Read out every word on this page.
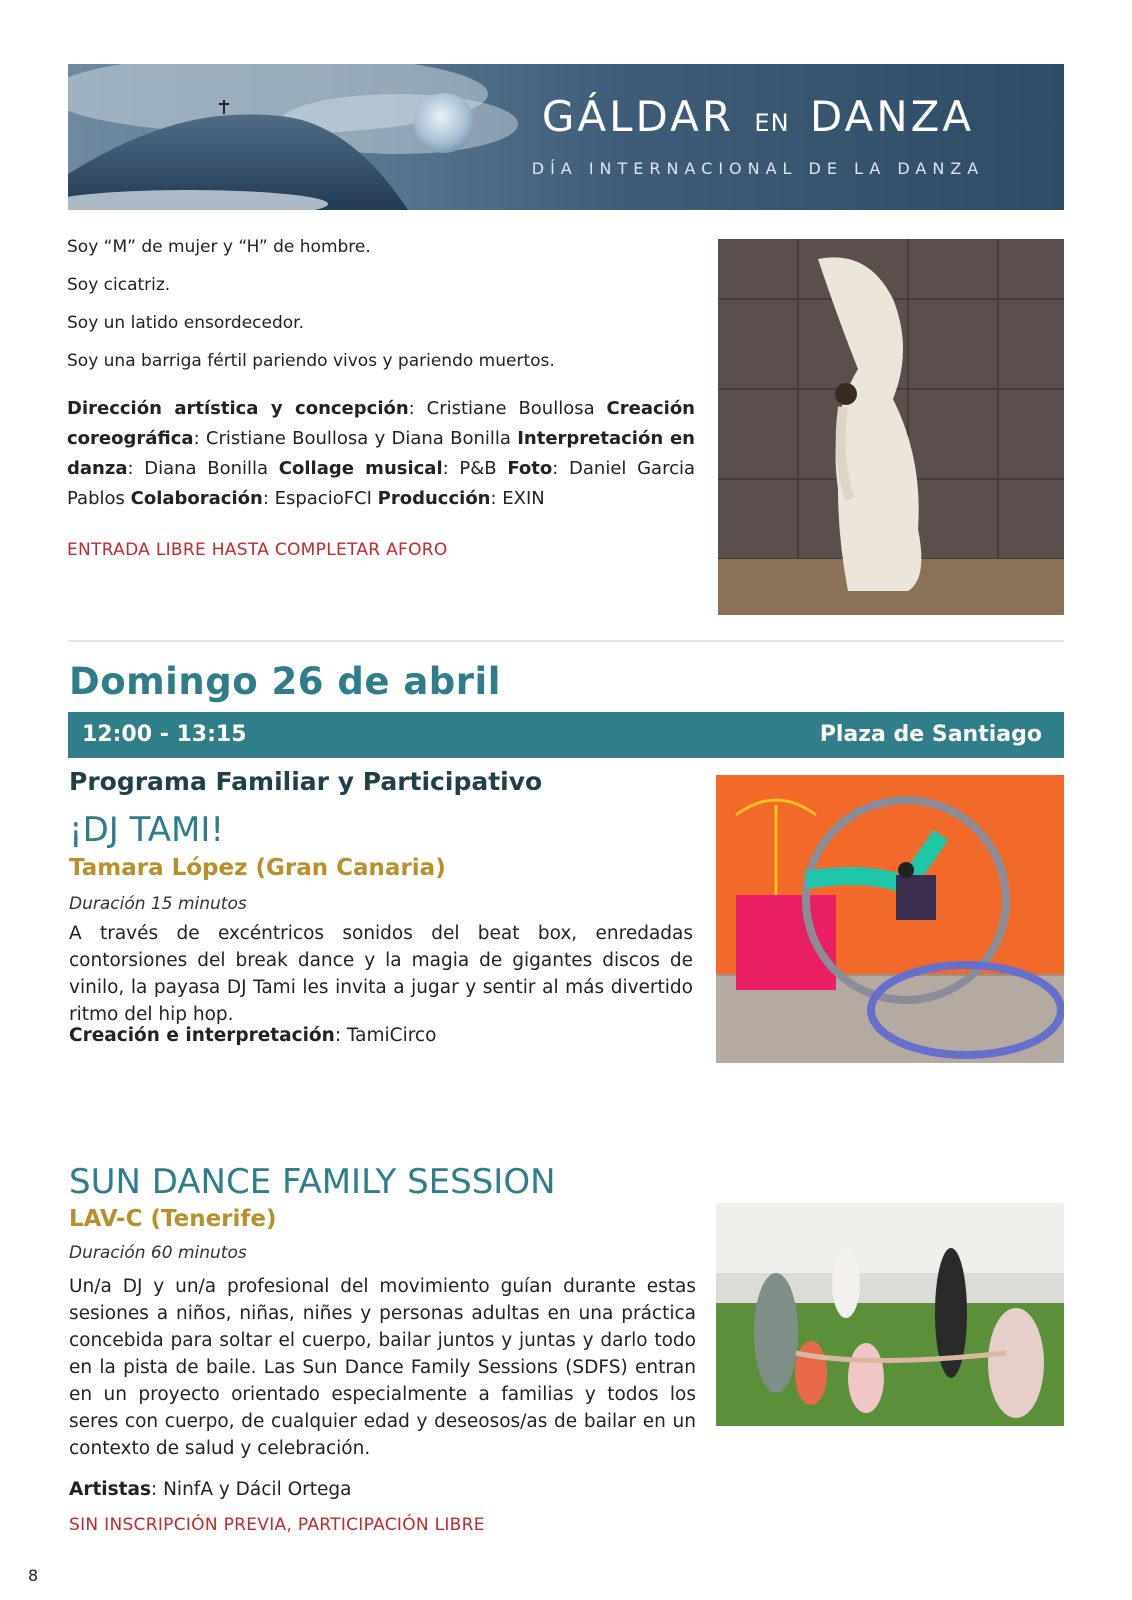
GÁLDAR EN DANZA
DÍA INTERNACIONAL DE LA DANZA

Soy “M” de mujer y “H” de hombre.

Soy cicatriz.

Soy un latido ensordecedor.

Soy una barriga fértil pariendo vivos y pariendo muertos.

Dirección artística y concepción: Cristiane Boullosa Creación coreográfica: Cristiane Boullosa y Diana Bonilla Interpretación en danza: Diana Bonilla Collage musical: P&B Foto: Daniel Garcia Pablos Colaboración: EspacioFCI Producción: EXIN
ENTRADA LIBRE HASTA COMPLETAR AFORO
Domingo 26 de abril
12:00 - 13:15	Plaza de Santiago
Programa Familiar y Participativo
¡DJ TAMI!
Tamara López (Gran Canaria)
Duración 15 minutos
A través de excéntricos sonidos del beat box, enredadas contorsiones del break dance y la magia de gigantes discos de vinilo, la payasa DJ Tami les invita a jugar y sentir al más divertido ritmo del hip hop.
Creación e interpretación: TamiCirco
SUN DANCE FAMILY SESSION
LAV-C (Tenerife)
Duración 60 minutos
Un/a DJ y un/a profesional del movimiento guían durante estas sesiones a niños, niñas, niñes y personas adultas en una práctica concebida para soltar el cuerpo, bailar juntos y juntas y darlo todo en la pista de baile. Las Sun Dance Family Sessions (SDFS) entran en un proyecto orientado especialmente a familias y todos los seres con cuerpo, de cualquier edad y deseosos/as de bailar en un contexto de salud y celebración.
Artistas: NinfA y Dácil Ortega
SIN INSCRIPCIÓN PREVIA, PARTICIPACIÓN LIBRE
8
